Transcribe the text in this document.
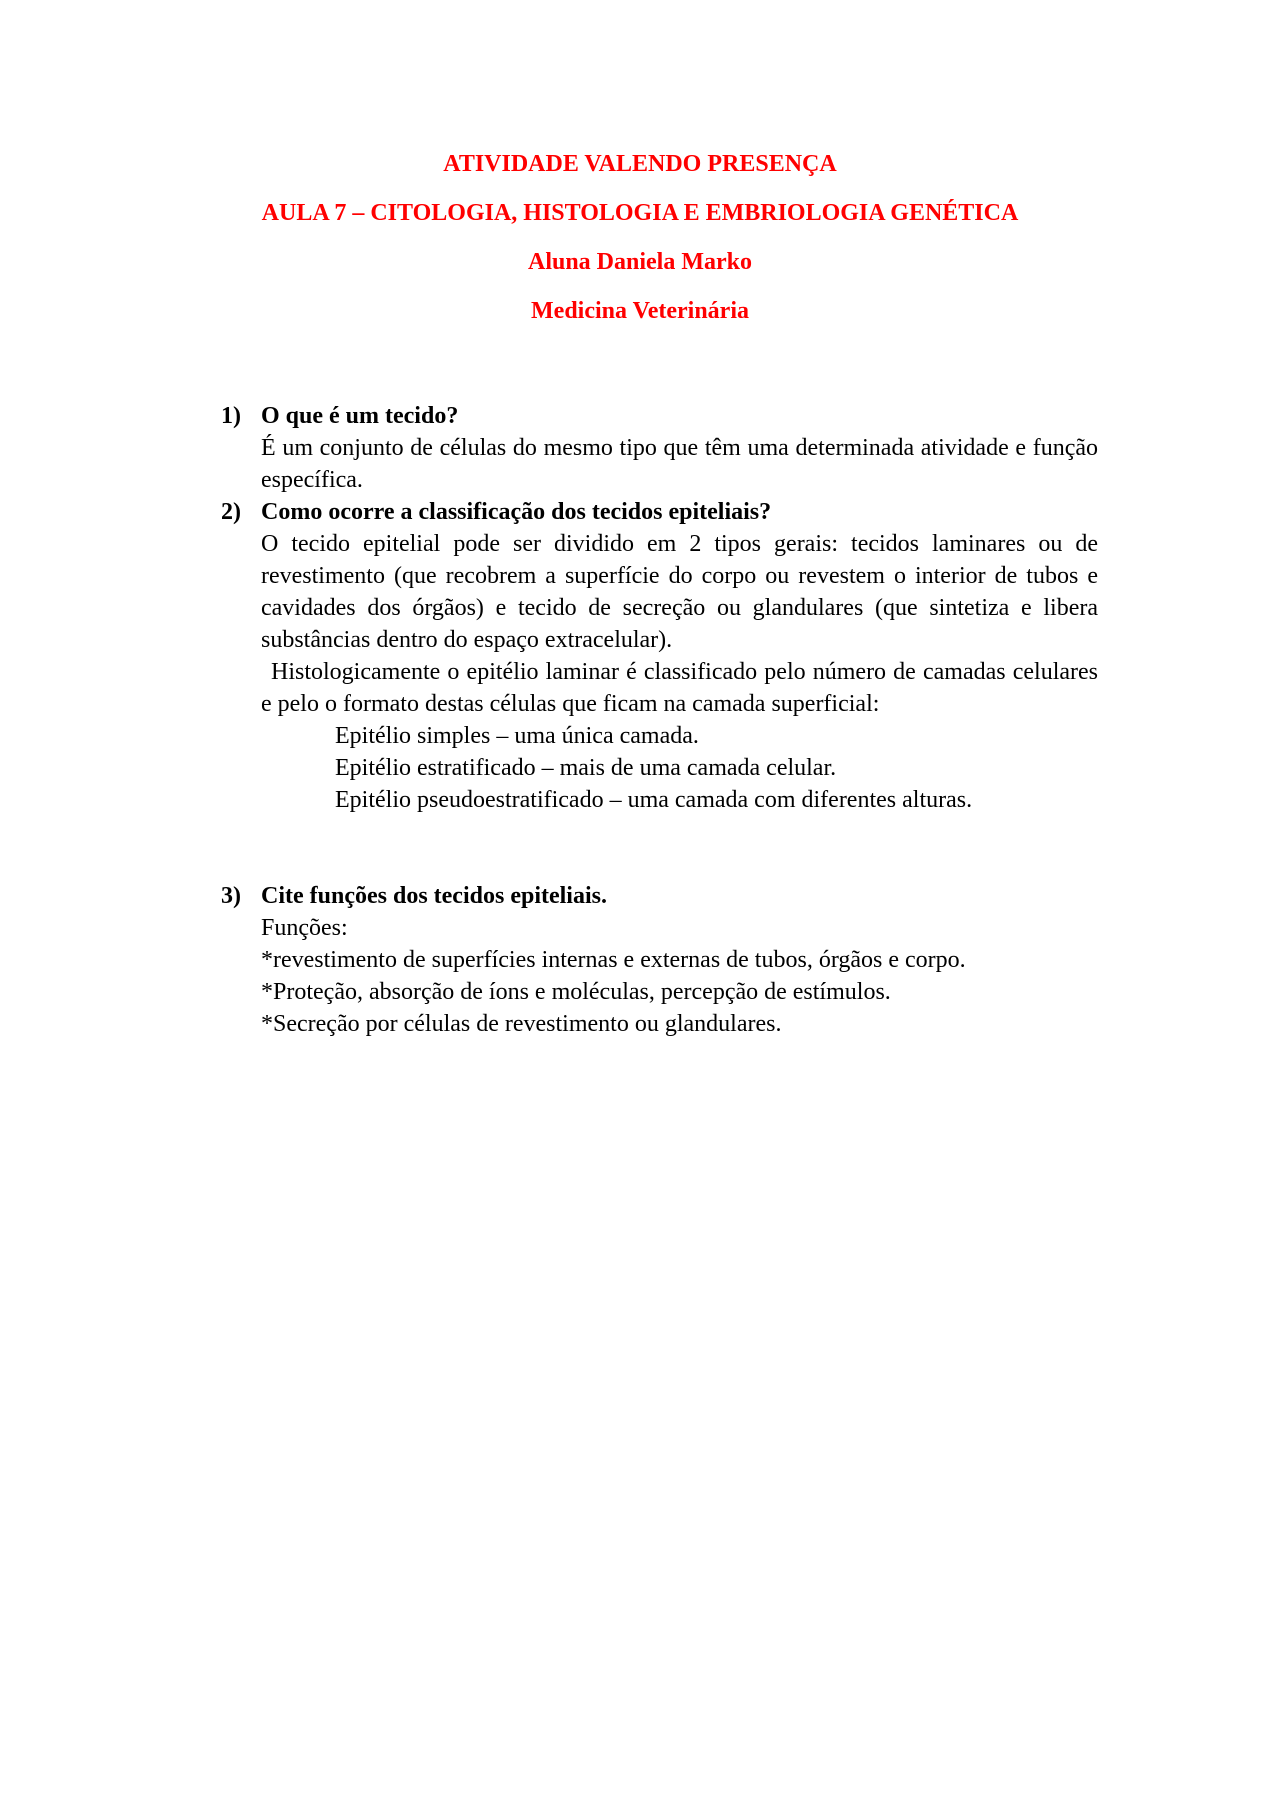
ATIVIDADE VALENDO PRESENÇA
AULA 7 – CITOLOGIA, HISTOLOGIA E EMBRIOLOGIA GENÉTICA
Aluna Daniela Marko
Medicina Veterinária
1) O que é um tecido?
É um conjunto de células do mesmo tipo que têm uma determinada atividade e função específica.
2) Como ocorre a classificação dos tecidos epiteliais?
O tecido epitelial pode ser dividido em 2 tipos gerais: tecidos laminares ou de revestimento (que recobrem a superfície do corpo ou revestem o interior de tubos e cavidades dos órgãos) e tecido de secreção ou glandulares (que sintetiza e libera substâncias dentro do espaço extracelular).
Histologicamente o epitélio laminar é classificado pelo número de camadas celulares e pelo o formato destas células que ficam na camada superficial:
Epitélio simples – uma única camada.
Epitélio estratificado – mais de uma camada celular.
Epitélio pseudoestratificado – uma camada com diferentes alturas.
3) Cite funções dos tecidos epiteliais.
Funções:
*revestimento de superfícies internas e externas de tubos, órgãos e corpo.
*Proteção, absorção de íons e moléculas, percepção de estímulos.
*Secreção por células de revestimento ou glandulares.
